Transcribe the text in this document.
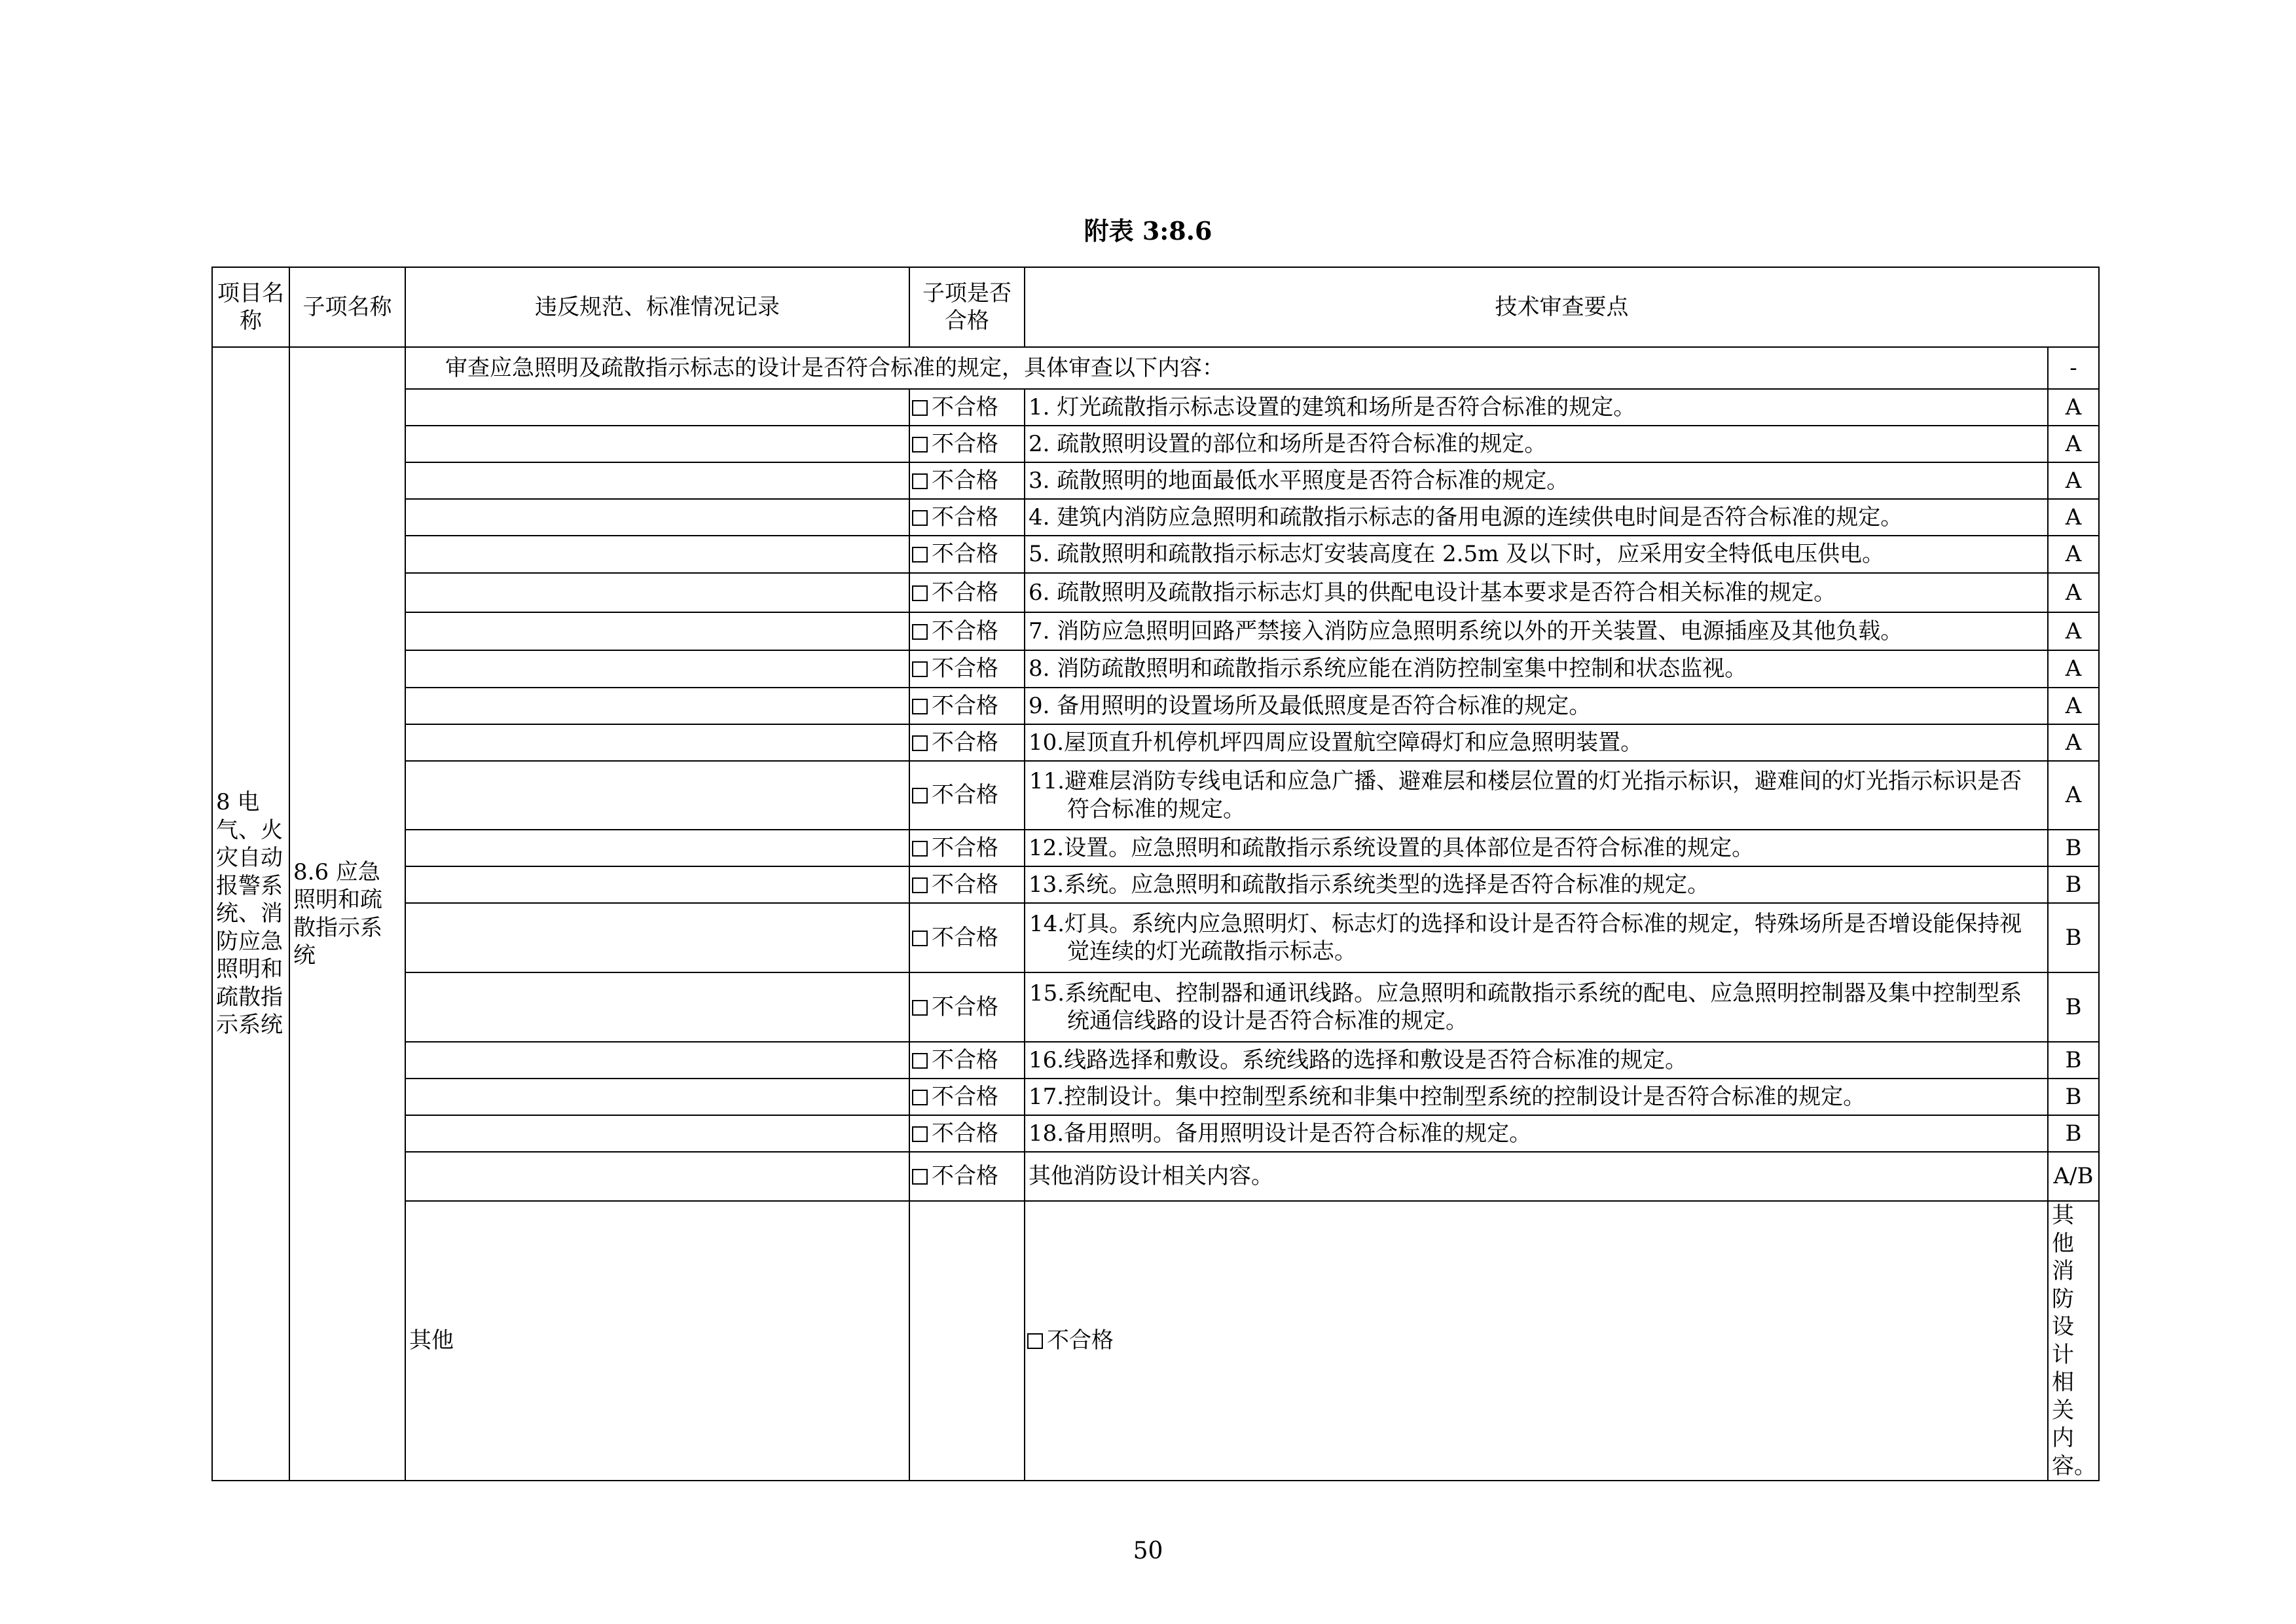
附表 3:8.6
项目名称	子项名称	违反规范、标准情况记录	子项是否合格	技术审查要点		
8 电气、火灾自动报警系统、消防应急照明和疏散指示系统	8.6 应急照明和疏散指示系统	审查应急照明及疏散指示标志的设计是否符合标准的规定，具体审查以下内容：			-	
			不合格	1. 灯光疏散指示标志设置的建筑和场所是否符合标准的规定。	A	
			不合格	2. 疏散照明设置的部位和场所是否符合标准的规定。	A	
			不合格	3. 疏散照明的地面最低水平照度是否符合标准的规定。	A	
			不合格	4. 建筑内消防应急照明和疏散指示标志的备用电源的连续供电时间是否符合标准的规定。	A	
			不合格	5. 疏散照明和疏散指示标志灯安装高度在 2.5m 及以下时，应采用安全特低电压供电。	A	
			不合格	6. 疏散照明及疏散指示标志灯具的供配电设计基本要求是否符合相关标准的规定。	A	
			不合格	7. 消防应急照明回路严禁接入消防应急照明系统以外的开关装置、电源插座及其他负载。	A	
			不合格	8. 消防疏散照明和疏散指示系统应能在消防控制室集中控制和状态监视。	A	
			不合格	9. 备用照明的设置场所及最低照度是否符合标准的规定。	A	
			不合格	10.屋顶直升机停机坪四周应设置航空障碍灯和应急照明装置。	A	
			不合格	11.避难层消防专线电话和应急广播、避难层和楼层位置的灯光指示标识，避难间的灯光指示标识是否符合标准的规定。	A	
			不合格	12.设置。应急照明和疏散指示系统设置的具体部位是否符合标准的规定。	B	
			不合格	13.系统。应急照明和疏散指示系统类型的选择是否符合标准的规定。	B	
			不合格	14.灯具。系统内应急照明灯、标志灯的选择和设计是否符合标准的规定，特殊场所是否增设能保持视觉连续的灯光疏散指示标志。	B	
			不合格	15.系统配电、控制器和通讯线路。应急照明和疏散指示系统的配电、应急照明控制器及集中控制型系统通信线路的设计是否符合标准的规定。	B	
			不合格	16.线路选择和敷设。系统线路的选择和敷设是否符合标准的规定。	B	
			不合格	17.控制设计。集中控制型系统和非集中控制型系统的控制设计是否符合标准的规定。	B	
			不合格	18.备用照明。备用照明设计是否符合标准的规定。	B	
			不合格	其他消防设计相关内容。	A/B	
		其他		不合格	其他消防设计相关内容。	
50
